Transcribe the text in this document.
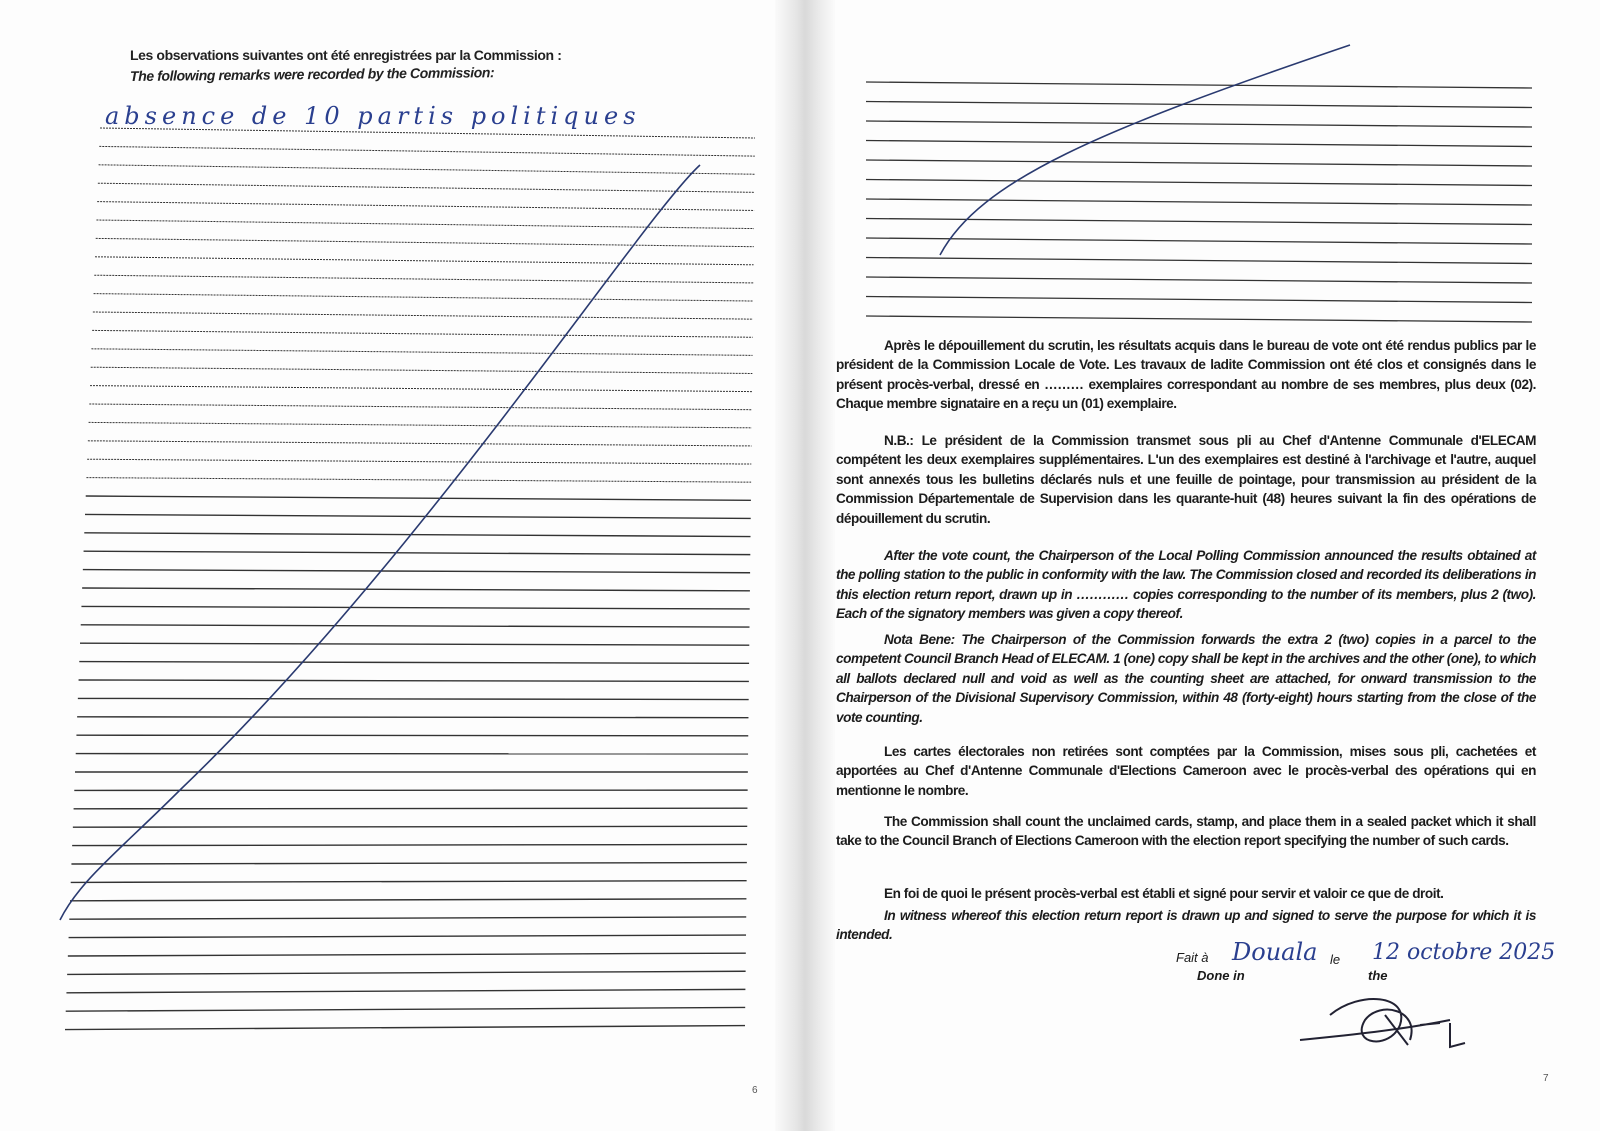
Les observations suivantes ont été enregistrées par la Commission :
The following remarks were recorded by the Commission:
absence de 10 partis politiques
Après le dépouillement du scrutin, les résultats acquis dans le bureau de vote ont été rendus publics par le président de la Commission Locale de Vote. Les travaux de ladite Commission ont été clos et consignés dans le présent procès-verbal, dressé en ……… exemplaires correspondant au nombre de ses membres, plus deux (02). Chaque membre signataire en a reçu un (01) exemplaire.
N.B.: Le président de la Commission transmet sous pli au Chef d'Antenne Communale d'ELECAM compétent les deux exemplaires supplémentaires. L'un des exemplaires est destiné à l'archivage et l'autre, auquel sont annexés tous les bulletins déclarés nuls et une feuille de pointage, pour transmission au président de la Commission Départementale de Supervision dans les quarante-huit (48) heures suivant la fin des opérations de dépouillement du scrutin.
After the vote count, the Chairperson of the Local Polling Commission announced the results obtained at the polling station to the public in conformity with the law. The Commission closed and recorded its deliberations in this election return report, drawn up in ………… copies corresponding to the number of its members, plus 2 (two). Each of the signatory members was given a copy thereof.
Nota Bene: The Chairperson of the Commission forwards the extra 2 (two) copies in a parcel to the competent Council Branch Head of ELECAM. 1 (one) copy shall be kept in the archives and the other (one), to which all ballots declared null and void as well as the counting sheet are attached, for onward transmission to the Chairperson of the Divisional Supervisory Commission, within 48 (forty-eight) hours starting from the close of the vote counting.
Les cartes électorales non retirées sont comptées par la Commission, mises sous pli, cachetées et apportées au Chef d'Antenne Communale d'Elections Cameroon avec le procès-verbal des opérations qui en mentionne le nombre.
The Commission shall count the unclaimed cards, stamp, and place them in a sealed packet which it shall take to the Council Branch of Elections Cameroon with the election report specifying the number of such cards.
En foi de quoi le présent procès-verbal est établi et signé pour servir et valoir ce que de droit.
In witness whereof this election return report is drawn up and signed to serve the purpose for which it is intended.
Fait à Douala le 12 octobre 2025
Done in	the
6
7
